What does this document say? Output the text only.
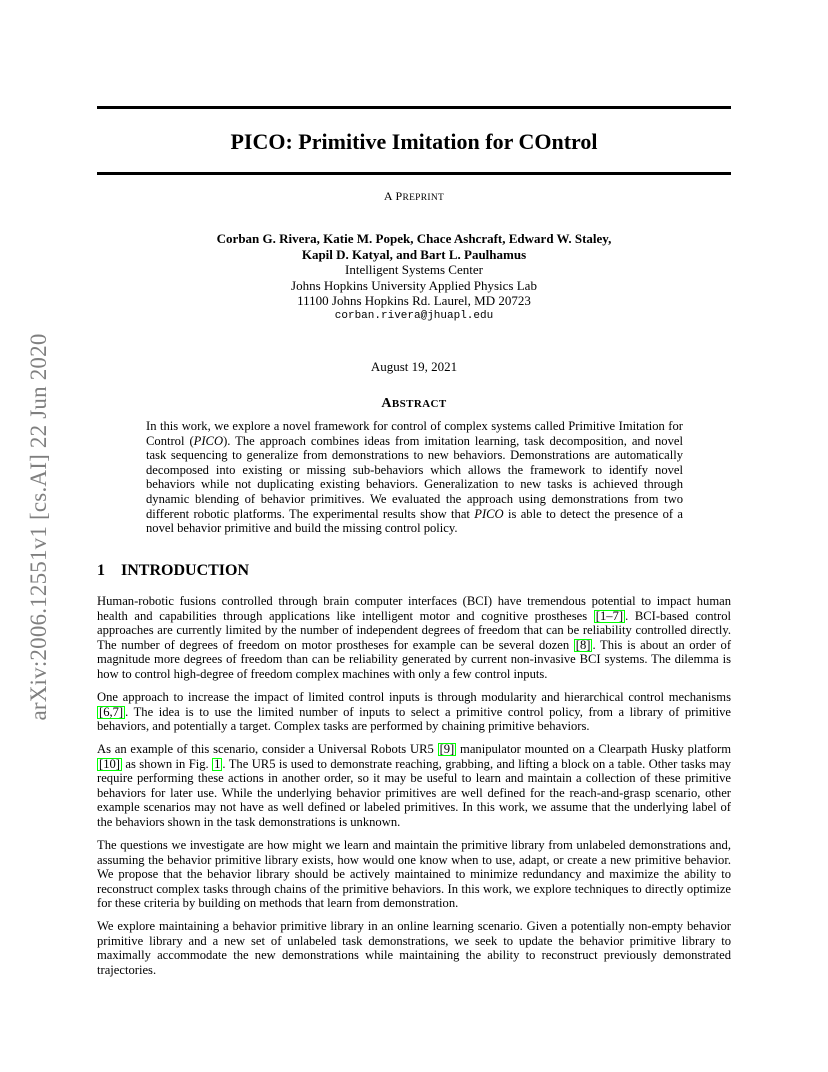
arXiv:2006.12551v1 [cs.AI] 22 Jun 2020
PICO: Primitive Imitation for COntrol
A PREPRINT
Corban G. Rivera, Katie M. Popek, Chace Ashcraft, Edward W. Staley,
Kapil D. Katyal, and Bart L. Paulhamus
Intelligent Systems Center
Johns Hopkins University Applied Physics Lab
11100 Johns Hopkins Rd. Laurel, MD 20723
corban.rivera@jhuapl.edu
August 19, 2021
ABSTRACT
In this work, we explore a novel framework for control of complex systems called Primitive Imitation for Control (PICO). The approach combines ideas from imitation learning, task decomposition, and novel task sequencing to generalize from demonstrations to new behaviors. Demonstrations are automatically decomposed into existing or missing sub-behaviors which allows the framework to identify novel behaviors while not duplicating existing behaviors. Generalization to new tasks is achieved through dynamic blending of behavior primitives. We evaluated the approach using demonstrations from two different robotic platforms. The experimental results show that PICO is able to detect the presence of a novel behavior primitive and build the missing control policy.
1 INTRODUCTION

Human-robotic fusions controlled through brain computer interfaces (BCI) have tremendous potential to impact human health and capabilities through applications like intelligent motor and cognitive prostheses [1–7] . BCI-based control approaches are currently limited by the number of independent degrees of freedom that can be reliability controlled directly. The number of degrees of freedom on motor prostheses for example can be several dozen [8] . This is about an order of magnitude more degrees of freedom than can be reliability generated by current non-invasive BCI systems. The dilemma is how to control high-degree of freedom complex machines with only a few control inputs.

One approach to increase the impact of limited control inputs is through modularity and hierarchical control mechanisms [6,7] . The idea is to use the limited number of inputs to select a primitive control policy, from a library of primitive behaviors, and potentially a target. Complex tasks are performed by chaining primitive behaviors.

As an example of this scenario, consider a Universal Robots UR5 [9] manipulator mounted on a Clearpath Husky platform [10] as shown in Fig. 1 . The UR5 is used to demonstrate reaching, grabbing, and lifting a block on a table. Other tasks may require performing these actions in another order, so it may be useful to learn and maintain a collection of these primitive behaviors for later use. While the underlying behavior primitives are well defined for the reach-and-grasp scenario, other example scenarios may not have as well defined or labeled primitives. In this work, we assume that the underlying label of the behaviors shown in the task demonstrations is unknown.

The questions we investigate are how might we learn and maintain the primitive library from unlabeled demonstrations and, assuming the behavior primitive library exists, how would one know when to use, adapt, or create a new primitive behavior. We propose that the behavior library should be actively maintained to minimize redundancy and maximize the ability to reconstruct complex tasks through chains of the primitive behaviors. In this work, we explore techniques to directly optimize for these criteria by building on methods that learn from demonstration.

We explore maintaining a behavior primitive library in an online learning scenario. Given a potentially non-empty behavior primitive library and a new set of unlabeled task demonstrations, we seek to update the behavior primitive library to maximally accommodate the new demonstrations while maintaining the ability to reconstruct previously demonstrated trajectories.
